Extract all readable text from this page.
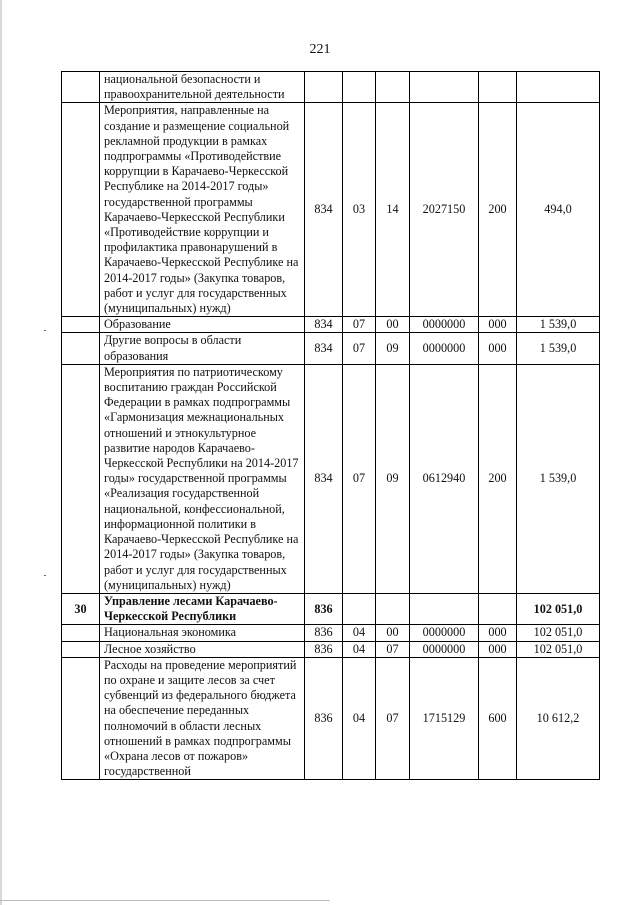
221
	национальной безопасности и правоохранительной деятельности						
	Мероприятия, направленные на создание и размещение социальной рекламной продукции в рамках подпрограммы «Противодействие коррупции в Карачаево-Черкесской Республике на 2014-2017 годы» государственной программы Карачаево-Черкесской Республики «Противодействие коррупции и профилактика правонарушений в Карачаево-Черкесской Республике на 2014-2017 годы» (Закупка товаров, работ и услуг для государственных (муниципальных) нужд)	834	03	14	2027150	200	494,0
	Образование	834	07	00	0000000	000	1 539,0
	Другие вопросы в области образования	834	07	09	0000000	000	1 539,0
	Мероприятия по патриотическому воспитанию граждан Российской Федерации в рамках подпрограммы «Гармонизация межнациональных отношений и этнокультурное развитие народов Карачаево-Черкесской Республики на 2014-2017 годы» государственной программы «Реализация государственной национальной, конфессиональной, информационной политики в Карачаево-Черкесской Республике на 2014-2017 годы» (Закупка товаров, работ и услуг для государственных (муниципальных) нужд)	834	07	09	0612940	200	1 539,0
30	Управление лесами Карачаево-Черкесской Республики	836					102 051,0
	Национальная экономика	836	04	00	0000000	000	102 051,0
	Лесное хозяйство	836	04	07	0000000	000	102 051,0
	Расходы на проведение мероприятий по охране и защите лесов за счет субвенций из федерального бюджета на обеспечение переданных полномочий в области лесных отношений в рамках подпрограммы «Охрана лесов от пожаров» государственной	836	04	07	1715129	600	10 612,2
